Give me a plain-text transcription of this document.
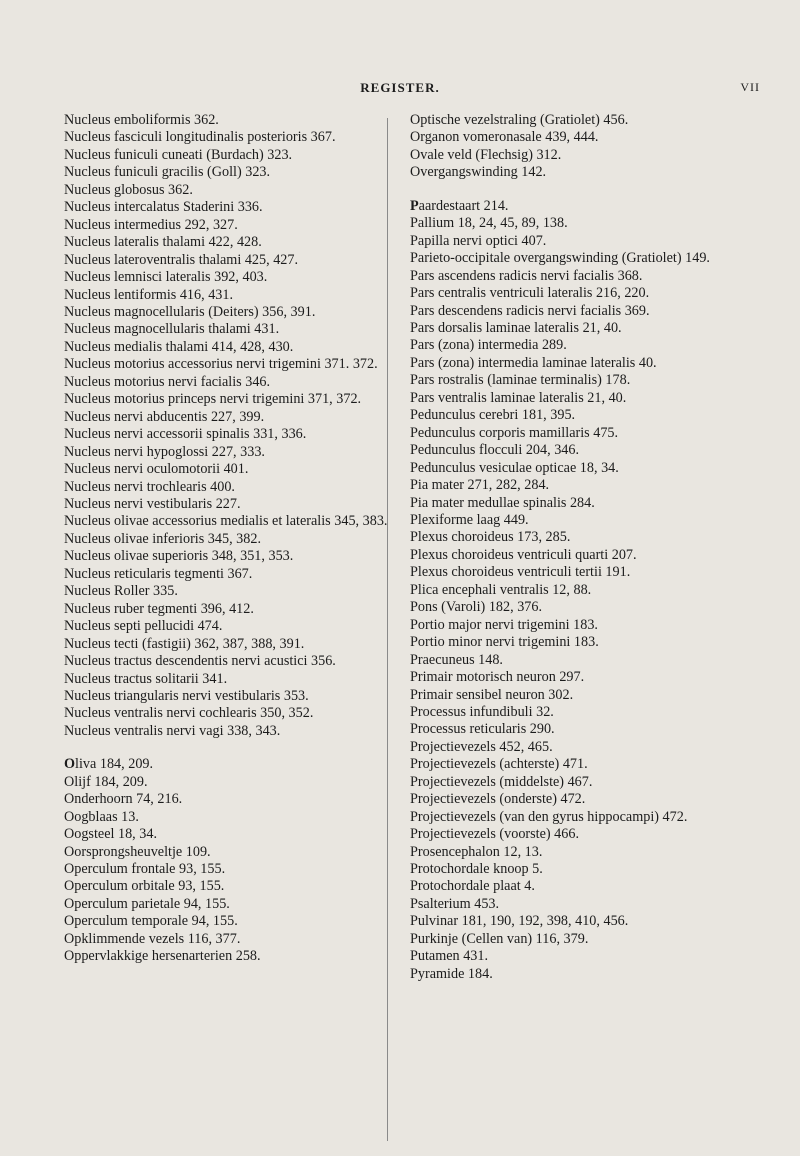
REGISTER.	VII

Nucleus emboliformis 362.

Nucleus fasciculi longitudinalis posterioris 367.

Nucleus funiculi cuneati (Burdach) 323.

Nucleus funiculi gracilis (Goll) 323.

Nucleus globosus 362.

Nucleus intercalatus Staderini 336.

Nucleus intermedius 292, 327.

Nucleus lateralis thalami 422, 428.

Nucleus lateroventralis thalami 425, 427.

Nucleus lemnisci lateralis 392, 403.

Nucleus lentiformis 416, 431.

Nucleus magnocellularis (Deiters) 356, 391.

Nucleus magnocellularis thalami 431.

Nucleus medialis thalami 414, 428, 430.

Nucleus motorius accessorius nervi trigemini 371. 372.

Nucleus motorius nervi facialis 346.

Nucleus motorius princeps nervi trigemini 371, 372.

Nucleus nervi abducentis 227, 399.

Nucleus nervi accessorii spinalis 331, 336.

Nucleus nervi hypoglossi 227, 333.

Nucleus nervi oculomotorii 401.

Nucleus nervi trochlearis 400.

Nucleus nervi vestibularis 227.

Nucleus olivae accessorius medialis et lateralis 345, 383.

Nucleus olivae inferioris 345, 382.

Nucleus olivae superioris 348, 351, 353.

Nucleus reticularis tegmenti 367.

Nucleus Roller 335.

Nucleus ruber tegmenti 396, 412.

Nucleus septi pellucidi 474.

Nucleus tecti (fastigii) 362, 387, 388, 391.

Nucleus tractus descendentis nervi acustici 356.

Nucleus tractus solitarii 341.

Nucleus triangularis nervi vestibularis 353.

Nucleus ventralis nervi cochlearis 350, 352.

Nucleus ventralis nervi vagi 338, 343.

Oliva 184, 209.

Olijf 184, 209.

Onderhoorn 74, 216.

Oogblaas 13.

Oogsteel 18, 34.

Oorsprongsheuveltje 109.

Operculum frontale 93, 155.

Operculum orbitale 93, 155.

Operculum parietale 94, 155.

Operculum temporale 94, 155.

Opklimmende vezels 116, 377.

Oppervlakkige hersenarterien 258.

Optische vezelstraling (Gratiolet) 456.

Organon vomeronasale 439, 444.

Ovale veld (Flechsig) 312.

Overgangswinding 142.

Paardestaart 214.

Pallium 18, 24, 45, 89, 138.

Papilla nervi optici 407.

Parieto-occipitale overgangswinding (Gratiolet) 149.

Pars ascendens radicis nervi facialis 368.

Pars centralis ventriculi lateralis 216, 220.

Pars descendens radicis nervi facialis 369.

Pars dorsalis laminae lateralis 21, 40.

Pars (zona) intermedia 289.

Pars (zona) intermedia laminae lateralis 40.

Pars rostralis (laminae terminalis) 178.

Pars ventralis laminae lateralis 21, 40.

Pedunculus cerebri 181, 395.

Pedunculus corporis mamillaris 475.

Pedunculus flocculi 204, 346.

Pedunculus vesiculae opticae 18, 34.

Pia mater 271, 282, 284.

Pia mater medullae spinalis 284.

Plexiforme laag 449.

Plexus choroideus 173, 285.

Plexus choroideus ventriculi quarti 207.

Plexus choroideus ventriculi tertii 191.

Plica encephali ventralis 12, 88.

Pons (Varoli) 182, 376.

Portio major nervi trigemini 183.

Portio minor nervi trigemini 183.

Praecuneus 148.

Primair motorisch neuron 297.

Primair sensibel neuron 302.

Processus infundibuli 32.

Processus reticularis 290.

Projectievezels 452, 465.

Projectievezels (achterste) 471.

Projectievezels (middelste) 467.

Projectievezels (onderste) 472.

Projectievezels (van den gyrus hippocampi) 472.

Projectievezels (voorste) 466.

Prosencephalon 12, 13.

Protochordale knoop 5.

Protochordale plaat 4.

Psalterium 453.

Pulvinar 181, 190, 192, 398, 410, 456.

Purkinje (Cellen van) 116, 379.

Putamen 431.

Pyramide 184.
